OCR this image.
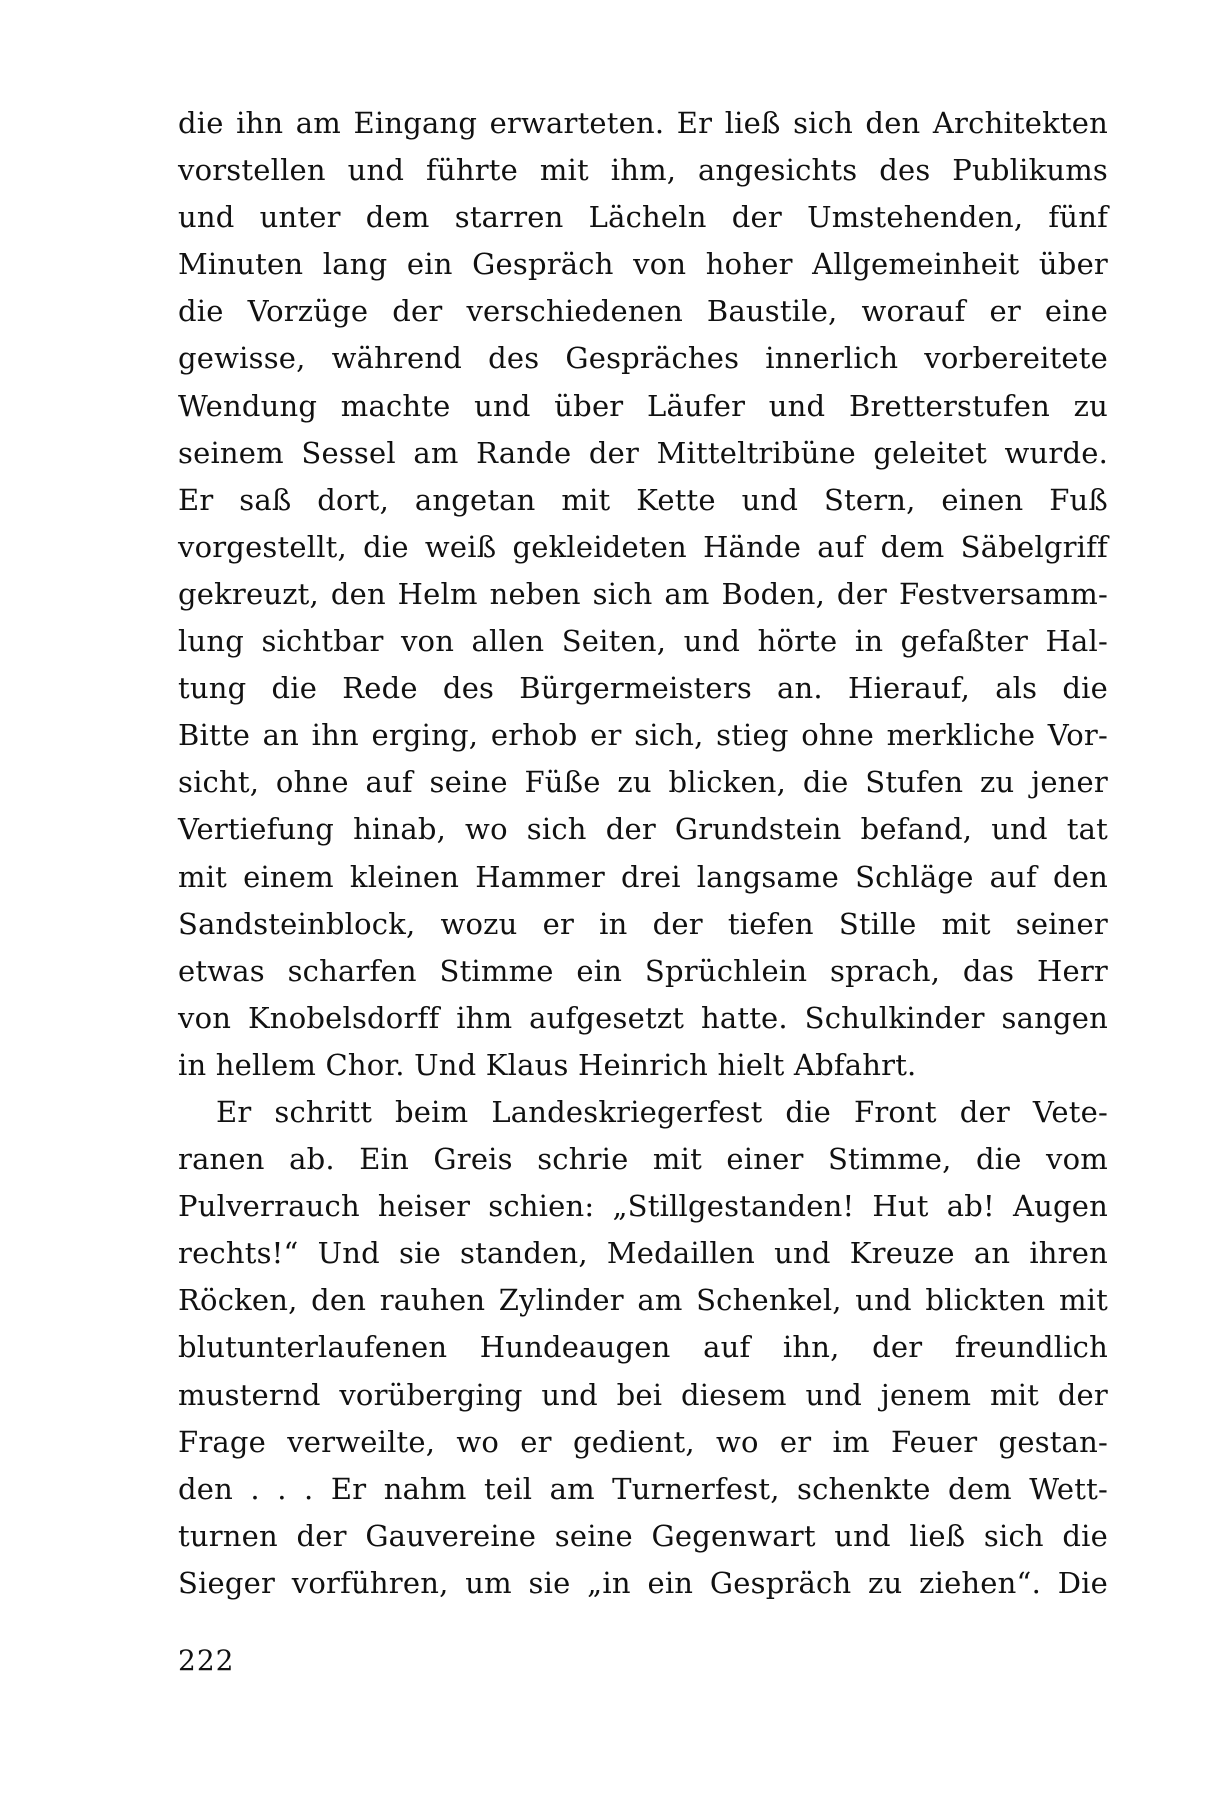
die ihn am Eingang erwarteten. Er ließ sich den Architekten
vorstellen und führte mit ihm, angesichts des Publikums
und unter dem starren Lächeln der Umstehenden, fünf
Minuten lang ein Gespräch von hoher Allgemeinheit über
die Vorzüge der verschiedenen Baustile, worauf er eine
gewisse, während des Gespräches innerlich vorbereitete
Wendung machte und über Läufer und Bretterstufen zu
seinem Sessel am Rande der Mitteltribüne geleitet wurde.
Er saß dort, angetan mit Kette und Stern, einen Fuß
vorgestellt, die weiß gekleideten Hände auf dem Säbelgriff
gekreuzt, den Helm neben sich am Boden, der Festversamm-
lung sichtbar von allen Seiten, und hörte in gefaßter Hal-
tung die Rede des Bürgermeisters an. Hierauf, als die
Bitte an ihn erging, erhob er sich, stieg ohne merkliche Vor-
sicht, ohne auf seine Füße zu blicken, die Stufen zu jener
Vertiefung hinab, wo sich der Grundstein befand, und tat
mit einem kleinen Hammer drei langsame Schläge auf den
Sandsteinblock, wozu er in der tiefen Stille mit seiner
etwas scharfen Stimme ein Sprüchlein sprach, das Herr
von Knobelsdorff ihm aufgesetzt hatte. Schulkinder sangen
in hellem Chor. Und Klaus Heinrich hielt Abfahrt.
Er schritt beim Landeskriegerfest die Front der Vete-
ranen ab. Ein Greis schrie mit einer Stimme, die vom
Pulverrauch heiser schien: „Stillgestanden! Hut ab! Augen
rechts!“ Und sie standen, Medaillen und Kreuze an ihren
Röcken, den rauhen Zylinder am Schenkel, und blickten mit
blutunterlaufenen Hundeaugen auf ihn, der freundlich
musternd vorüberging und bei diesem und jenem mit der
Frage verweilte, wo er gedient, wo er im Feuer gestan-
den . . . Er nahm teil am Turnerfest, schenkte dem Wett-
turnen der Gauvereine seine Gegenwart und ließ sich die
Sieger vorführen, um sie „in ein Gespräch zu ziehen“. Die
222
